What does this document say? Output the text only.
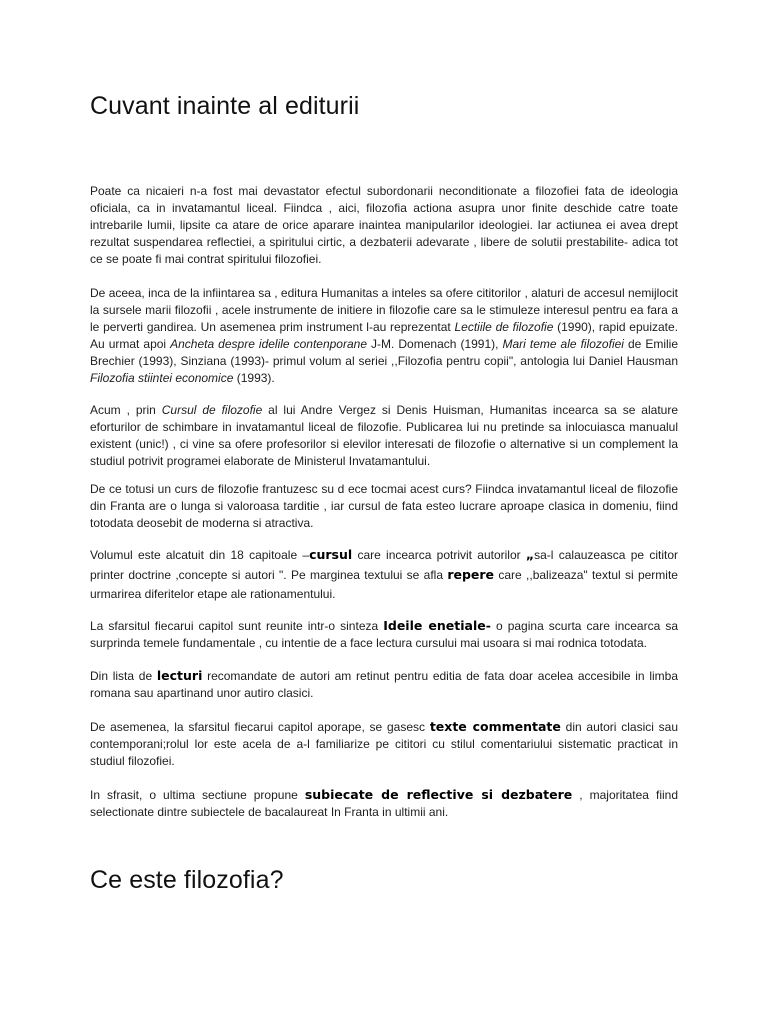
Cuvant inainte al editurii

Poate ca nicaieri n-a fost mai devastator efectul subordonarii neconditionate a filozofiei fata de ideologia oficiala, ca in invatamantul liceal. Fiindca , aici, filozofia actiona asupra unor finite deschide catre toate intrebarile lumii, lipsite ca atare de orice aparare inaintea manipularilor ideologiei. Iar actiunea ei avea drept rezultat suspendarea reflectiei, a spiritului cirtic, a dezbaterii adevarate , libere de solutii prestabilite- adica tot ce se poate fi mai contrat spiritului filozofiei.

De aceea, inca de la infiintarea sa , editura Humanitas a inteles sa ofere cititorilor , alaturi de accesul nemijlocit la sursele marii filozofii , acele instrumente de initiere in filozofie care sa le stimuleze interesul pentru ea fara a le perverti gandirea. Un asemenea prim instrument l-au reprezentat Lectiile de filozofie (1990), rapid epuizate. Au urmat apoi Ancheta despre idelile contenporane J-M. Domenach (1991), Mari teme ale filozofiei de Emilie Brechier (1993), Sinziana (1993)- primul volum al seriei ,,Filozofia pentru copii", antologia lui Daniel Hausman Filozofia stiintei economice (1993).

Acum , prin Cursul de filozofie al lui Andre Vergez si Denis Huisman, Humanitas incearca sa se alature eforturilor de schimbare in invatamantul liceal de filozofie. Publicarea lui nu pretinde sa inlocuiasca manualul existent (unic!) , ci vine sa ofere profesorilor si elevilor interesati de filozofie o alternative si un complement la studiul potrivit programei elaborate de Ministerul Invatamantului.

De ce totusi un curs de filozofie frantuzesc su d ece tocmai acest curs? Fiindca invatamantul liceal de filozofie din Franta are o lunga si valoroasa tarditie , iar cursul de fata esteo lucrare aproape clasica in domeniu, fiind totodata deosebit de moderna si atractiva.

Volumul este alcatuit din 18 capitoale –cursul care incearca potrivit autorilor „sa-l calauzeasca pe cititor printer doctrine ,concepte si autori ". Pe marginea textului se afla repere care ,,balizeaza" textul si permite urmarirea diferitelor etape ale rationamentului.

La sfarsitul fiecarui capitol sunt reunite intr-o sinteza Ideile enetiale- o pagina scurta care incearca sa surprinda temele fundamentale , cu intentie de a face lectura cursului mai usoara si mai rodnica totodata.

Din lista de lecturi recomandate de autori am retinut pentru editia de fata doar acelea accesibile in limba romana sau apartinand unor autiro clasici.

De asemenea, la sfarsitul fiecarui capitol aporape, se gasesc texte commentate din autori clasici sau contemporani;rolul lor este acela de a-l familiarize pe cititori cu stilul comentariului sistematic practicat in studiul filozofiei.

In sfrasit, o ultima sectiune propune subiecate de reflective si dezbatere , majoritatea fiind selectionate dintre subiectele de bacalaureat In Franta in ultimii ani.

Ce este filozofia?
